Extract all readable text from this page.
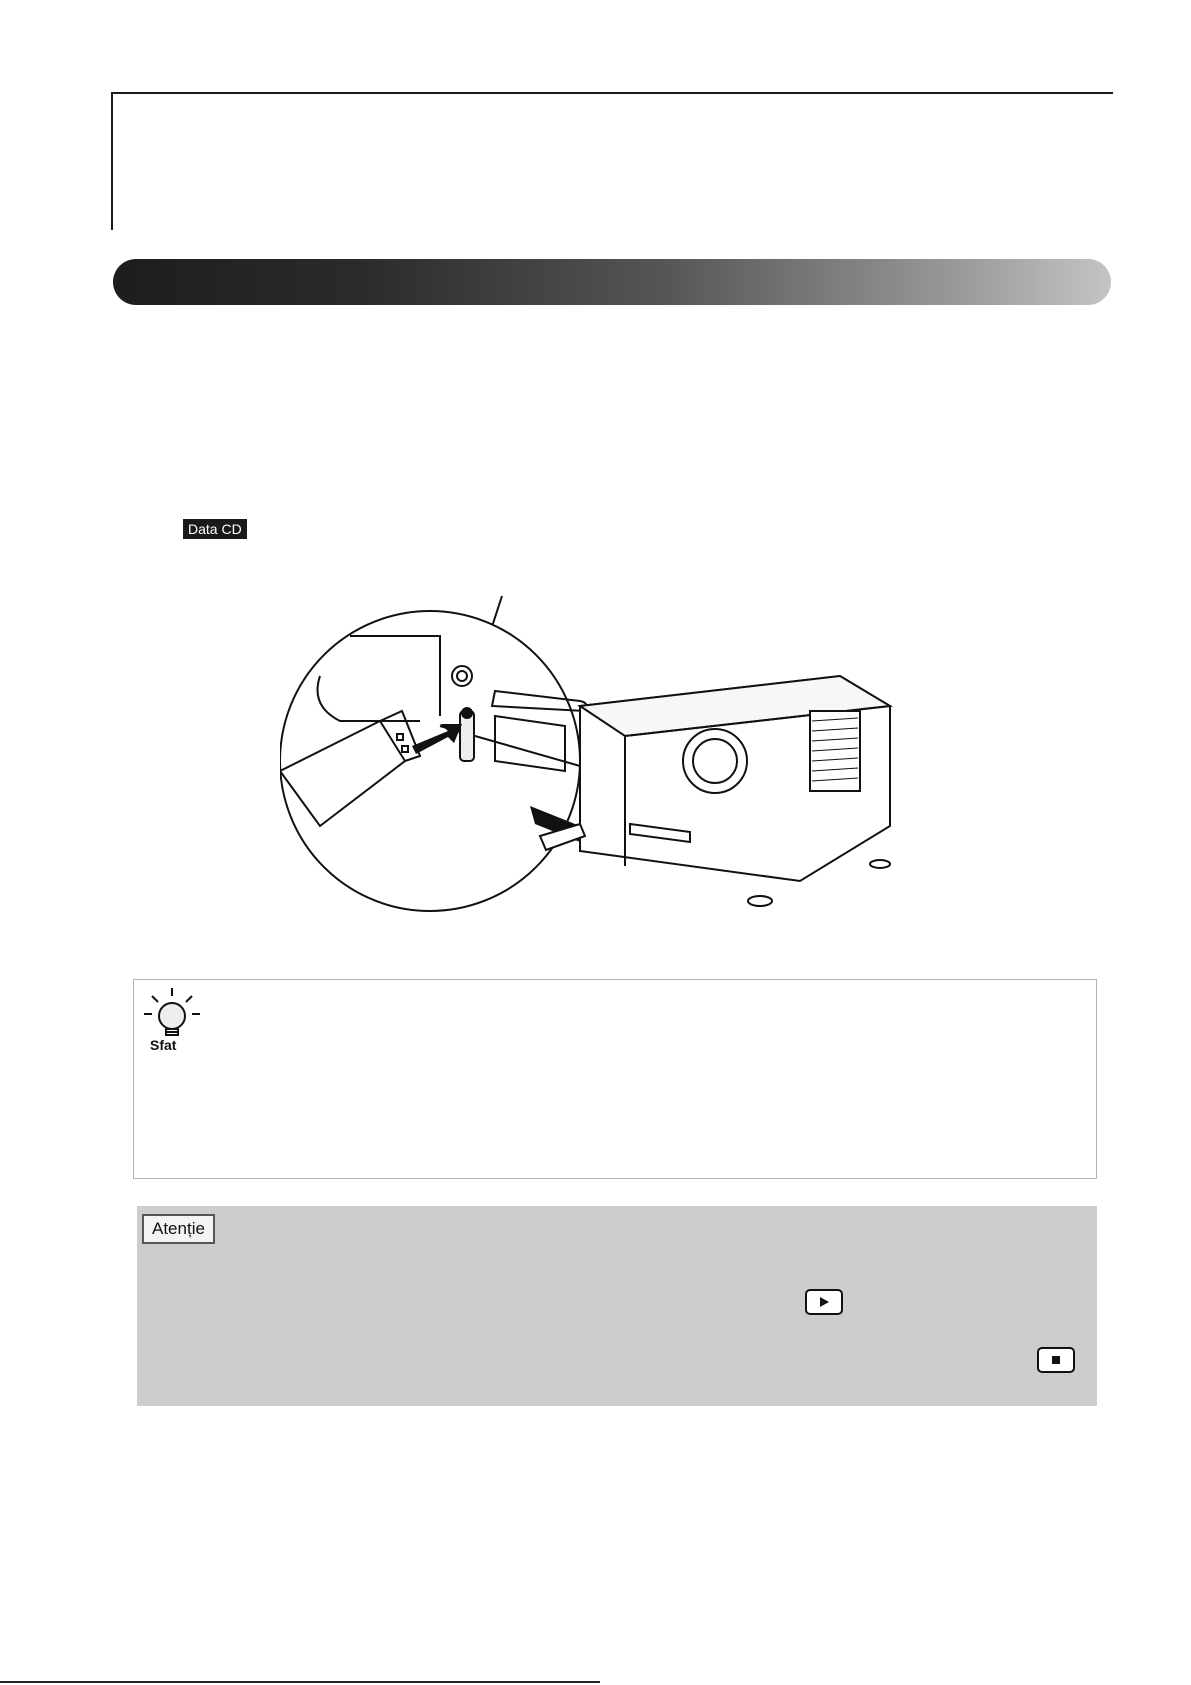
Data CD
Sfat
Atenție
